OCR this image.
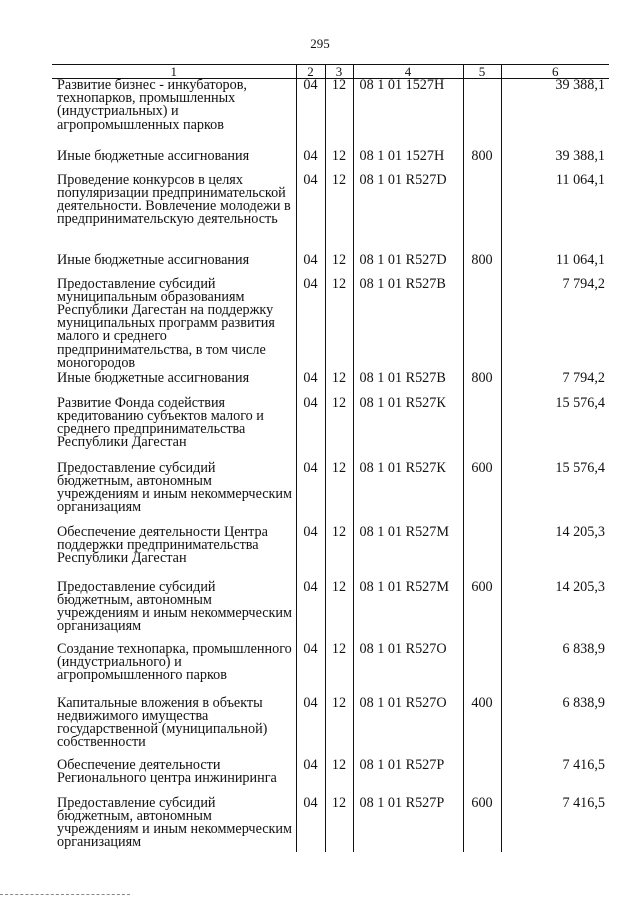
295
1	2	3	4	5	6
Развитие бизнес - инкубаторов, технопарков, промышленных (индустриальных) и агропромышленных парков	04	12	08 1 01 1527Н		39 388,1
Иные бюджетные ассигнования	04	12	08 1 01 1527Н	800	39 388,1
Проведение конкурсов в целях популяризации предпринимательской деятельности. Вовлечение молодежи в предпринимательскую деятельность	04	12	08 1 01 R527D		11 064,1
Иные бюджетные ассигнования	04	12	08 1 01 R527D	800	11 064,1
Предоставление субсидий муниципальным образованиям Республики Дагестан на поддержку муниципальных программ развития малого и среднего предпринимательства, в том числе моногородов	04	12	08 1 01 R527В		7 794,2
Иные бюджетные ассигнования	04	12	08 1 01 R527В	800	7 794,2
Развитие Фонда содействия кредитованию субъектов малого и среднего предпринимательства Республики Дагестан	04	12	08 1 01 R527К		15 576,4
Предоставление субсидий бюджетным, автономным учреждениям и иным некоммерческим организациям	04	12	08 1 01 R527К	600	15 576,4
Обеспечение деятельности Центра поддержки предпринимательства Республики Дагестан	04	12	08 1 01 R527М		14 205,3
Предоставление субсидий бюджетным, автономным учреждениям и иным некоммерческим организациям	04	12	08 1 01 R527М	600	14 205,3
Создание технопарка, промышленного (индустриального) и агропромышленного парков	04	12	08 1 01 R527О		6 838,9
Капитальные вложения в объекты недвижимого имущества государственной (муниципальной) собственности	04	12	08 1 01 R527О	400	6 838,9
Обеспечение деятельности Регионального центра инжиниринга	04	12	08 1 01 R527Р		7 416,5
Предоставление субсидий бюджетным, автономным учреждениям и иным некоммерческим организациям	04	12	08 1 01 R527Р	600	7 416,5
